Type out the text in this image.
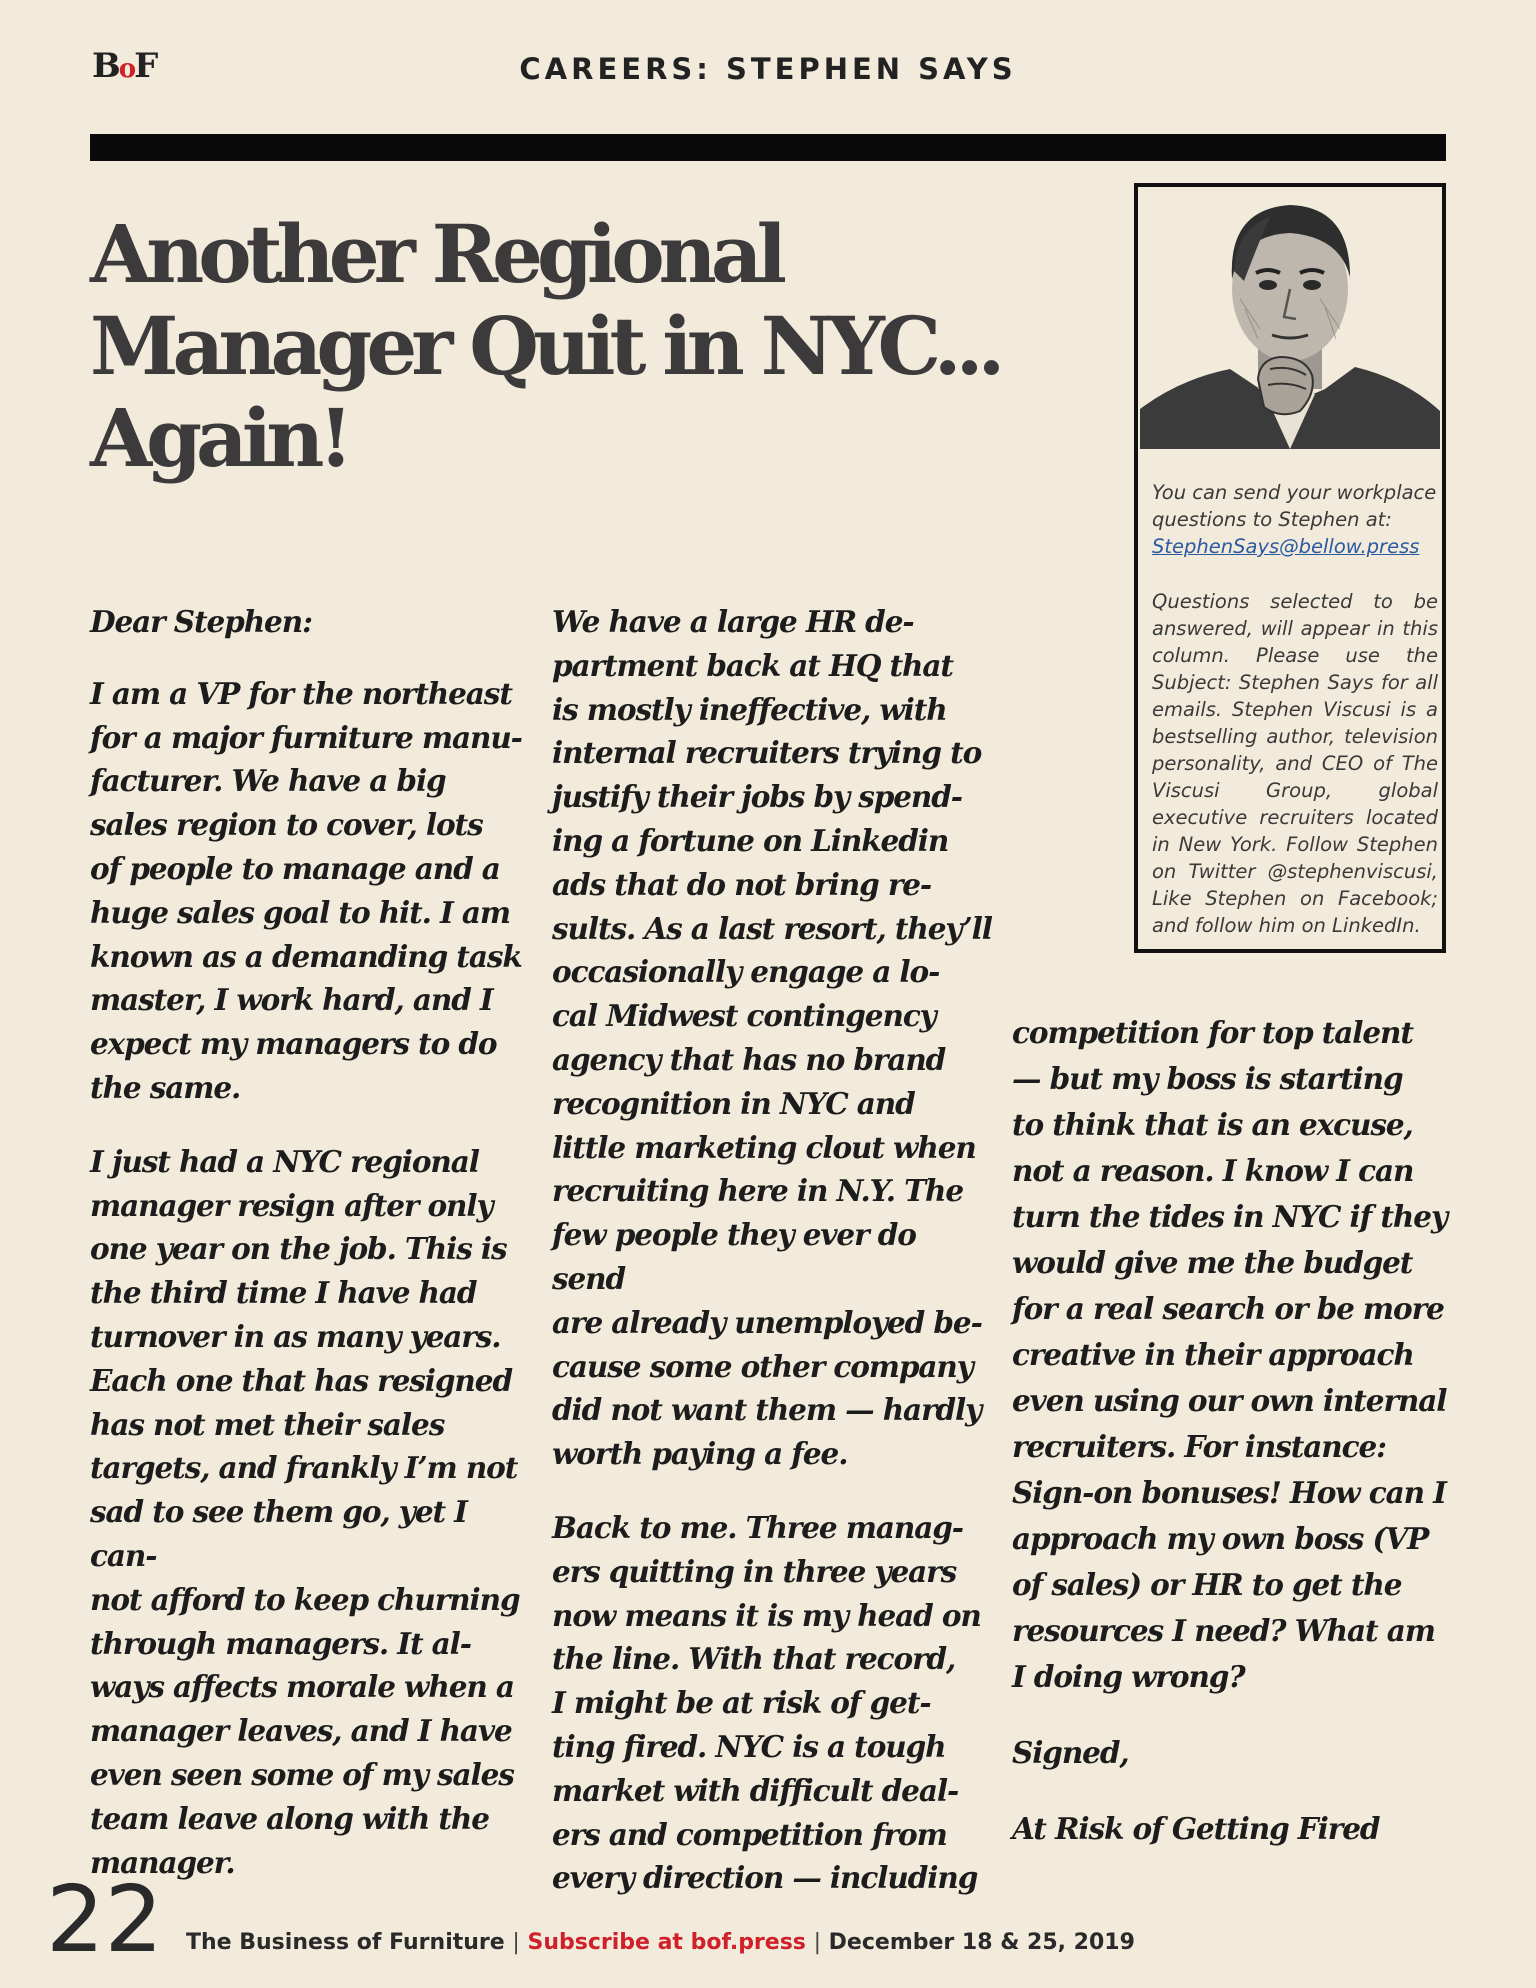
BoF	CAREERS: STEPHEN SAYS
Another Regional
Manager Quit in NYC...
Again!
You can send your workplace questions to Stephen at:
StephenSays@bellow.press
Questions selected to be answered, will appear in this column. Please use the Subject: Stephen Says for all emails. Stephen Viscusi is a bestselling author, television personality, and CEO of The Viscusi Group, global executive recruiters located in New York. Follow Stephen on Twitter @stephenviscusi, Like Stephen on Facebook; and follow him on LinkedIn.

Dear Stephen:

I am a VP for the northeast
for a major furniture manu-
facturer. We have a big
sales region to cover, lots
of people to manage and a
huge sales goal to hit. I am
known as a demanding task
master, I work hard, and I
expect my managers to do
the same.

I just had a NYC regional
manager resign after only
one year on the job. This is
the third time I have had
turnover in as many years.
Each one that has resigned
has not met their sales
targets, and frankly I’m not
sad to see them go, yet I can-
not afford to keep churning
through managers. It al-
ways affects morale when a
manager leaves, and I have
even seen some of my sales
team leave along with the
manager.

We have a large HR de-
partment back at HQ that
is mostly ineffective, with
internal recruiters trying to
justify their jobs by spend-
ing a fortune on Linkedin
ads that do not bring re-
sults. As a last resort, they’ll
occasionally engage a lo-
cal Midwest contingency
agency that has no brand
recognition in NYC and
little marketing clout when
recruiting here in N.Y. The
few people they ever do send
are already unemployed be-
cause some other company
did not want them — hardly
worth paying a fee.

Back to me. Three manag-
ers quitting in three years
now means it is my head on
the line. With that record,
I might be at risk of get-
ting fired. NYC is a tough
market with difficult deal-
ers and competition from
every direction — including

competition for top talent
— but my boss is starting
to think that is an excuse,
not a reason. I know I can
turn the tides in NYC if they
would give me the budget
for a real search or be more
creative in their approach
even using our own internal
recruiters. For instance:
Sign-on bonuses! How can I
approach my own boss (VP
of sales) or HR to get the
resources I need? What am
I doing wrong?

Signed,

At Risk of Getting Fired

22 The Business of Furniture | Subscribe at bof.press | December 18 & 25, 2019
